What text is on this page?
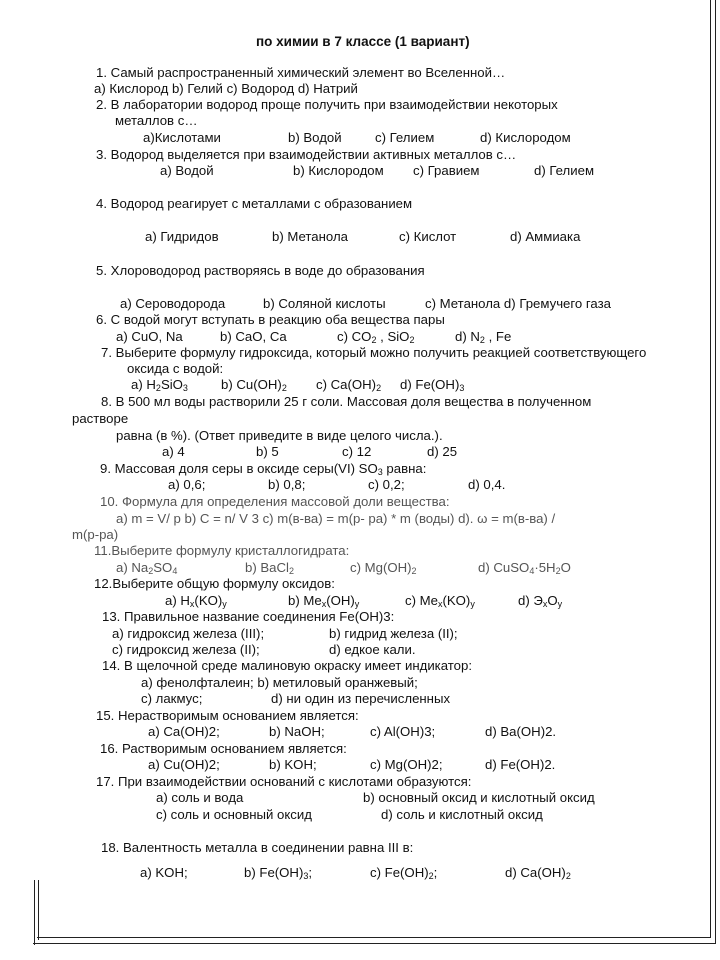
по химии в 7 классе (1 вариант)
1. Самый распространенный химический элемент во Вселенной…
a) Кислород b) Гелий c) Водород d) Натрий
2. В лаборатории водород проще получить при взаимодействии некоторых
металлов с…
a)Кислотами	b) Водой	c) Гелием	d) Кислородом
3. Водород выделяется при взаимодействии активных металлов с…
a) Водой	b) Кислородом c) Гравием	d) Гелием
4. Водород реагирует с металлами с образованием
a) Гидридов	b) Метанола	c) Кислот	d) Аммиака
5. Хлороводород растворяясь в воде до образования
a) Сероводорода	b) Соляной кислоты	c) Метанола d) Гремучего газа
6. С водой могут вступать в реакцию оба вещества пары
a) CuO, Na	b) CaO, Ca	c) $CO_2$ , SiO$_2$	d) $N_2$ , Fe
7. Выберите формулу гидроксида, который можно получить реакцией соответствующего
оксида с водой:
a) $H_2SiO_3$	b) $Cu(OH)_2$ c) $Ca(OH)_2$ d) $Fe(OH)_3$
8. В 500 мл воды растворили 25 г соли. Массовая доля вещества в полученном
растворе
равна (в %). (Ответ приведите в виде целого числа.).
a) 4	b) 5	c) 12	d) 25
9. Массовая доля серы в оксиде серы(VI) $SO_3$ равна:
a) 0,6;	b) 0,8;	c) 0,2;	d) 0,4.
10. Формула для определения массовой доли вещества:
a) m = V/ р b) C = n/ V 3 c) m(в-ва) = m(р- ра) * m (воды) d). ω = m(в-ва) /
m(р-ра)
11.Выберите формулу кристаллогидрата:
a) $Na_2SO_4$	b) BaCl$_2$	c) $Mg(OH)_2$	d) $CuSO_4\cdot 5H_2O$
12.Выберите общую формулу оксидов:
a) $H_x(KO)_y$	b) $Me_x(OH)_y$	c) $Me_x(KO)_y$	d) $Э_xO_y$
13. Правильное название соединения Fe(OH)3:
a) гидроксид железа (III);	b) гидрид железа (II);
c) гидроксид железа (II);	d) едкое кали.
14. В щелочной среде малиновую окраску имеет индикатор:
a) фенолфталеин; b) метиловый оранжевый;
c) лакмус;	d) ни один из перечисленных
15. Нерастворимым основанием является:
a) Ca(OH)2;	b) NaOH;	c) Al(OH)3;	d) Ba(OH)2.
16. Растворимым основанием является:
a) Cu(OH)2;	b) KOH;	c) Mg(OH)2;	d) Fe(OH)2.
17. При взаимодействии оснований с кислотами образуются:
a) соль и вода	b) основный оксид и кислотный оксид
c) соль и основный оксид	d) соль и кислотный оксид
18. Валентность металла в соединении равна III в:
a) KOH;	b) $Fe(OH)_3$;	c) $Fe(OH)_2$;	d) $Ca(OH)_2$
